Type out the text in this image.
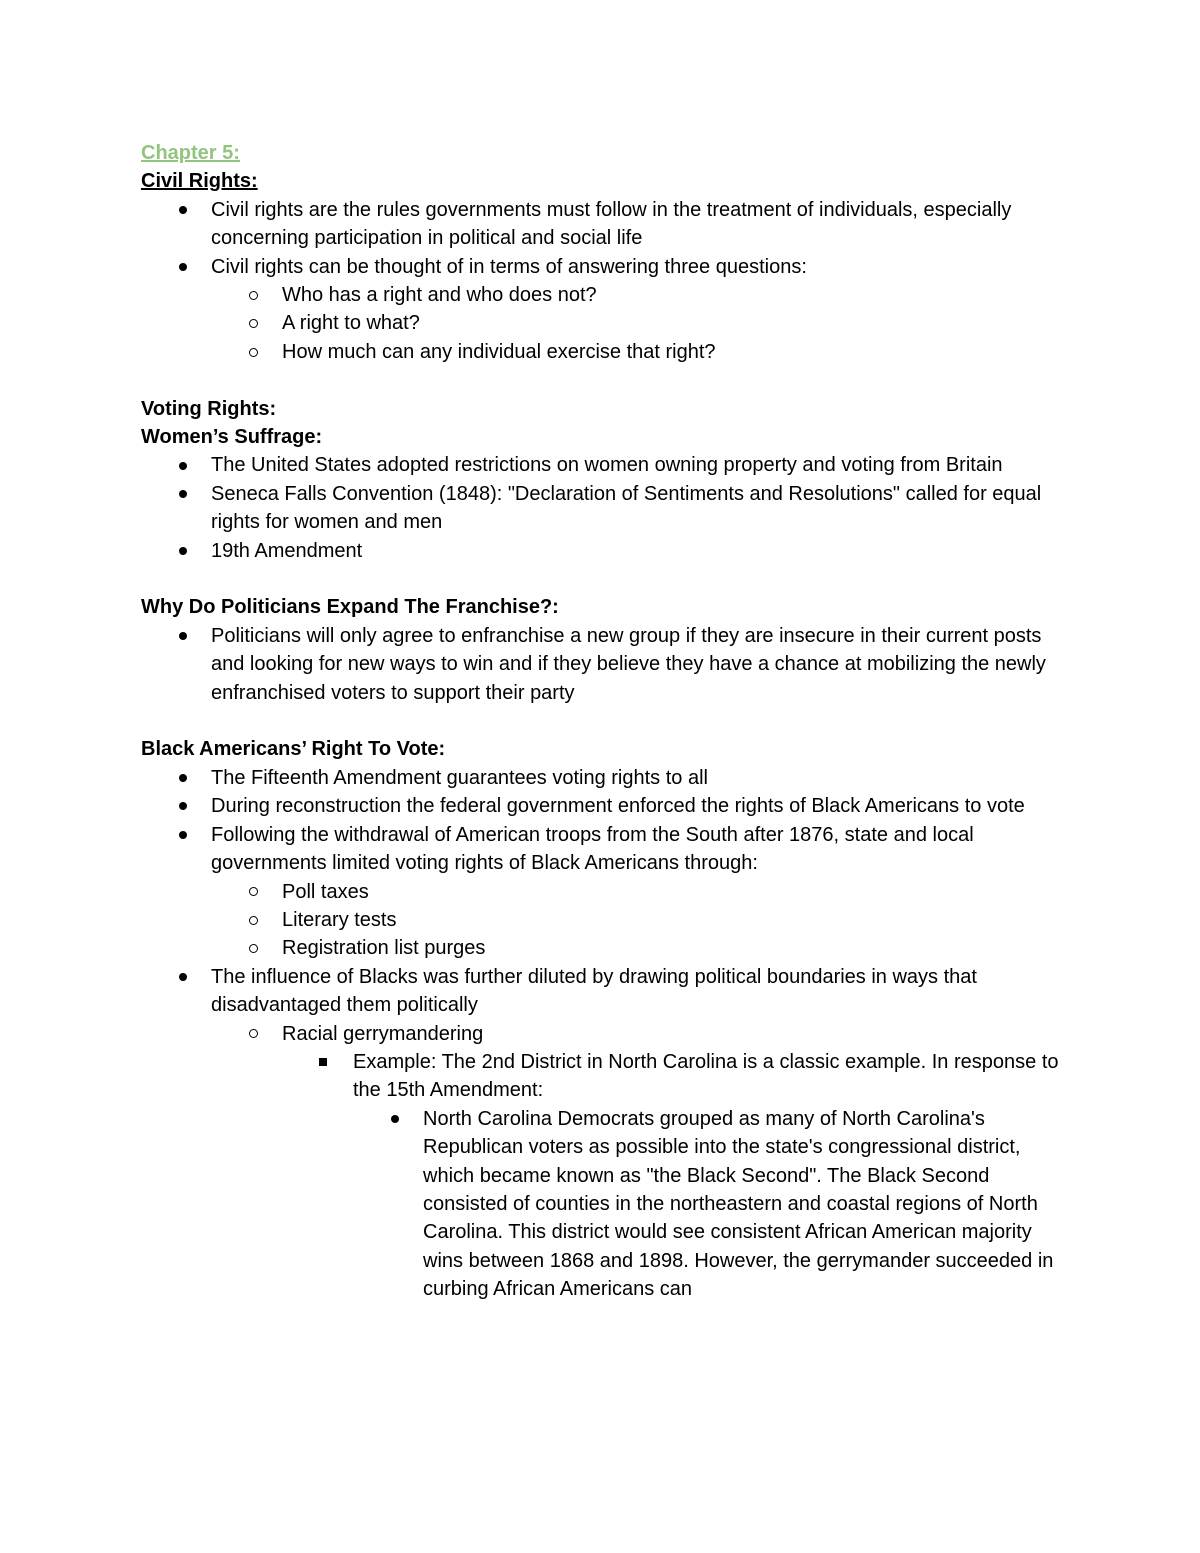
Chapter 5:
Civil Rights:
Civil rights are the rules governments must follow in the treatment of individuals, especially concerning participation in political and social life
Civil rights can be thought of in terms of answering three questions:
Who has a right and who does not?
A right to what?
How much can any individual exercise that right?
Voting Rights:
Women’s Suffrage:
The United States adopted restrictions on women owning property and voting from Britain
Seneca Falls Convention (1848): "Declaration of Sentiments and Resolutions" called for equal rights for women and men
19th Amendment
Why Do Politicians Expand The Franchise?:
Politicians will only agree to enfranchise a new group if they are insecure in their current posts and looking for new ways to win and if they believe they have a chance at mobilizing the newly enfranchised voters to support their party
Black Americans’ Right To Vote:
The Fifteenth Amendment guarantees voting rights to all
During reconstruction the federal government enforced the rights of Black Americans to vote
Following the withdrawal of American troops from the South after 1876, state and local governments limited voting rights of Black Americans through:
Poll taxes
Literary tests
Registration list purges
The influence of Blacks was further diluted by drawing political boundaries in ways that disadvantaged them politically
Racial gerrymandering
Example: The 2nd District in North Carolina is a classic example. In response to the 15th Amendment:
North Carolina Democrats grouped as many of North Carolina's Republican voters as possible into the state's congressional district, which became known as "the Black Second". The Black Second consisted of counties in the northeastern and coastal regions of North Carolina. This district would see consistent African American majority wins between 1868 and 1898. However, the gerrymander succeeded in curbing African Americans can
